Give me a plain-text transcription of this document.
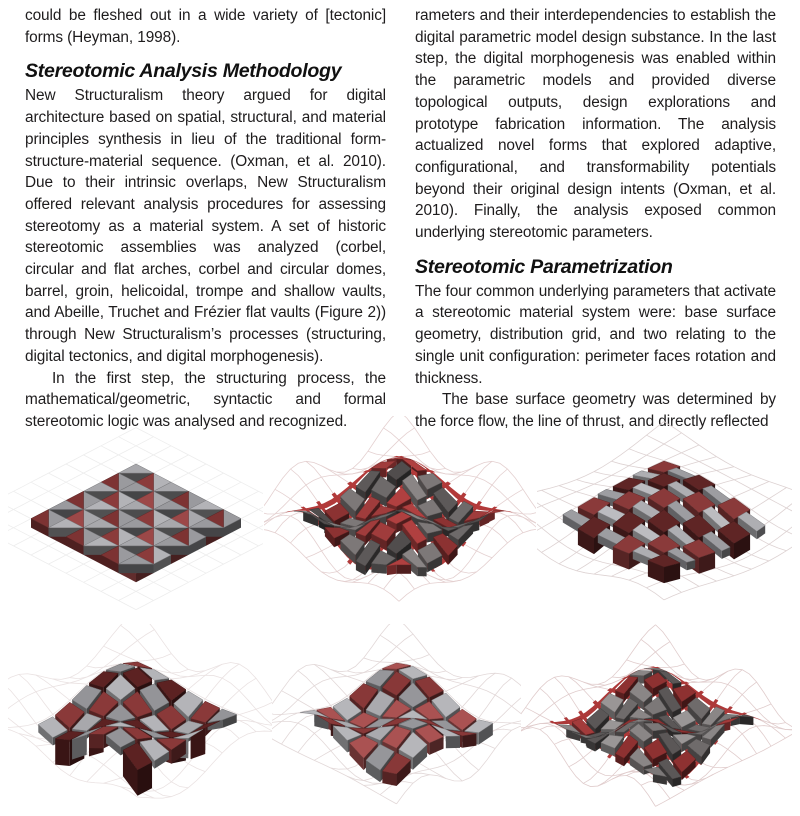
could be fleshed out in a wide variety of [tectonic] forms (Heyman, 1998).

Stereotomic Analysis Methodology

New Structuralism theory argued for digital architecture based on spatial, structural, and material principles synthesis in lieu of the traditional form-structure-material sequence. (Oxman, et al. 2010). Due to their intrinsic overlaps, New Structuralism offered relevant analysis procedures for assessing stereotomy as a material system. A set of historic stereotomic assemblies was analyzed (corbel, circular and flat arches, corbel and circular domes, barrel, groin, helicoidal, trompe and shallow vaults, and Abeille, Truchet and Frézier flat vaults (Figure 2)) through New Structuralism’s processes (structuring, digital tectonics, and digital morphogenesis).

In the first step, the structuring process, the mathematical/geometric, syntactic and formal stereotomic logic was analysed and recognized.

rameters and their interdependencies to establish the digital parametric model design substance. In the last step, the digital morphogenesis was enabled within the parametric models and provided diverse topological outputs, design explorations and prototype fabrication information. The analysis actualized novel forms that explored adaptive, configurational, and transformability potentials beyond their original design intents (Oxman, et al. 2010). Finally, the analysis exposed common underlying stereotomic parameters.

Stereotomic Parametrization

The four common underlying parameters that activate a stereotomic material system were: base surface geometry, distribution grid, and two relating to the single unit configuration: perimeter faces rotation and thickness.

The base surface geometry was determined by the force flow, the line of thrust, and directly reflected
